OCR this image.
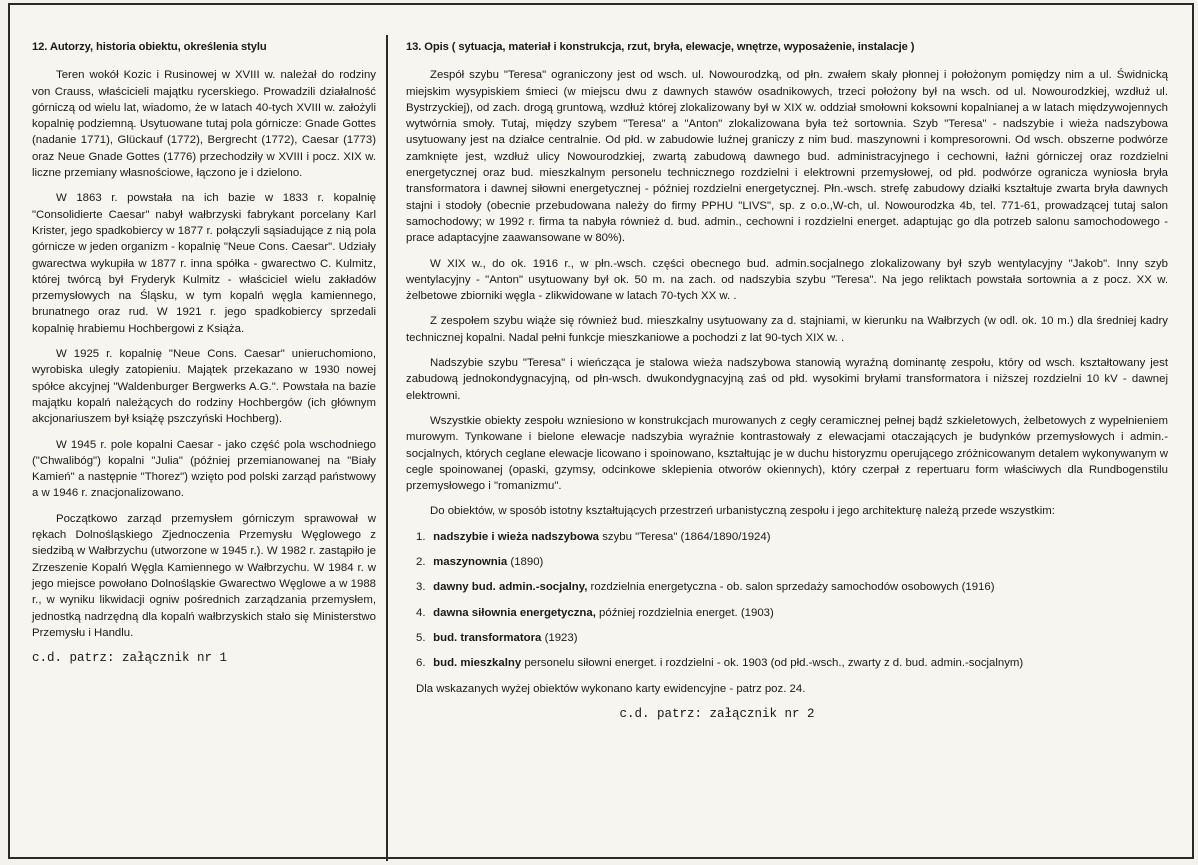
12. Autorzy, historia obiektu, określenia stylu

Teren wokół Kozic i Rusinowej w XVIII w. należał do rodziny von Crauss, właścicieli majątku rycerskiego. Prowadzili działalność górniczą od wielu lat, wiadomo, że w latach 40-tych XVIII w. założyli kopalnię podziemną. Usytuowane tutaj pola górnicze: Gnade Gottes (nadanie 1771), Glückauf (1772), Bergrecht (1772), Caesar (1773) oraz Neue Gnade Gottes (1776) przechodziły w XVIII i pocz. XIX w. liczne przemiany własnościowe, łączono je i dzielono.

W 1863 r. powstała na ich bazie w 1833 r. kopalnię "Consolidierte Caesar" nabył wałbrzyski fabrykant porcelany Karl Krister, jego spadkobiercy w 1877 r. połączyli sąsiadujące z nią pola górnicze w jeden organizm - kopalnię "Neue Cons. Caesar". Udziały gwarectwa wykupiła w 1877 r. inna spółka - gwarectwo C. Kulmitz, której twórcą był Fryderyk Kulmitz - właściciel wielu zakładów przemysłowych na Śląsku, w tym kopalń węgla kamiennego, brunatnego oraz rud. W 1921 r. jego spadkobiercy sprzedali kopalnię hrabiemu Hochbergowi z Książa.

W 1925 r. kopalnię "Neue Cons. Caesar" unieruchomiono, wyrobiska uległy zatopieniu. Majątek przekazano w 1930 nowej spółce akcyjnej "Waldenburger Bergwerks A.G.". Powstała na bazie majątku kopalń należących do rodziny Hochbergów (ich głównym akcjonariuszem był książę pszczyński Hochberg).

W 1945 r. pole kopalni Caesar - jako część pola wschodniego ("Chwalibóg") kopalni "Julia" (później przemianowanej na "Biały Kamień" a następnie "Thorez") wzięto pod polski zarząd państwowy a w 1946 r. znacjonalizowano.

Początkowo zarząd przemysłem górniczym sprawował w rękach Dolnośląskiego Zjednoczenia Przemysłu Węglowego z siedzibą w Wałbrzychu (utworzone w 1945 r.). W 1982 r. zastąpiło je Zrzeszenie Kopalń Węgla Kamiennego w Wałbrzychu. W 1984 r. w jego miejsce powołano Dolnośląskie Gwarectwo Węglowe a w 1988 r., w wyniku likwidacji ogniw pośrednich zarządzania przemysłem, jednostką nadrzędną dla kopalń wałbrzyskich stało się Ministerstwo Przemysłu i Handlu.

c.d. patrz: załącznik nr 1
13. Opis ( sytuacja, materiał i konstrukcja, rzut, bryła, elewacje, wnętrze, wyposażenie, instalacje )

Zespół szybu "Teresa" ograniczony jest od wsch. ul. Nowourodzką, od płn. zwałem skały płonnej i położonym pomiędzy nim a ul. Świdnicką miejskim wysypiskiem śmieci (w miejscu dwu z dawnych stawów osadnikowych, trzeci położony był na wsch. od ul. Nowourodzkiej, wzdłuż ul. Bystrzyckiej), od zach. drogą gruntową, wzdłuż której zlokalizowany był w XIX w. oddział smołowni koksowni kopalnianej a w latach międzywojennych wytwórnia smoły. Tutaj, między szybem "Teresa" a "Anton" zlokalizowana była też sortownia. Szyb "Teresa" - nadszybie i wieża nadszybowa usytuowany jest na działce centralnie. Od płd. w zabudowie luźnej graniczy z nim bud. maszynowni i kompresorowni. Od wsch. obszerne podwórze zamknięte jest, wzdłuż ulicy Nowourodzkiej, zwartą zabudową dawnego bud. administracyjnego i cechowni, łaźni górniczej oraz rozdzielni energetycznej oraz bud. mieszkalnym personelu technicznego rozdzielni i elektrowni przemysłowej, od płd. podwórze ogranicza wyniosła bryła transformatora i dawnej siłowni energetycznej - później rozdzielni energetycznej. Płn.-wsch. strefę zabudowy działki kształtuje zwarta bryła dawnych stajni i stodoły (obecnie przebudowana należy do firmy PPHU "LIVS", sp. z o.o.,W-ch, ul. Nowourodzka 4b, tel. 771-61, prowadzącej tutaj salon samochodowy; w 1992 r. firma ta nabyła również d. bud. admin., cechowni i rozdzielni energet. adaptując go dla potrzeb salonu samochodowego - prace adaptacyjne zaawansowane w 80%).

W XIX w., do ok. 1916 r., w płn.-wsch. części obecnego bud. admin.socjalnego zlokalizowany był szyb wentylacyjny "Jakob". Inny szyb wentylacyjny - "Anton" usytuowany był ok. 50 m. na zach. od nadszybia szybu "Teresa". Na jego reliktach powstała sortownia a z pocz. XX w. żelbetowe zbiorniki węgla - zlikwidowane w latach 70-tych XX w. .

Z zespołem szybu wiąże się również bud. mieszkalny usytuowany za d. stajniami, w kierunku na Wałbrzych (w odl. ok. 10 m.) dla średniej kadry technicznej kopalni. Nadal pełni funkcje mieszkaniowe a pochodzi z lat 90-tych XIX w. .

Nadszybie szybu "Teresa" i wieńcząca je stalowa wieża nadszybowa stanowią wyraźną dominantę zespołu, który od wsch. kształtowany jest zabudową jednokondygnacyjną, od płn-wsch. dwukondygnacyjną zaś od płd. wysokimi bryłami transformatora i niższej rozdzielni 10 kV - dawnej elektrowni.

Wszystkie obiekty zespołu wzniesiono w konstrukcjach murowanych z cegły ceramicznej pełnej bądź szkieletowych, żelbetowych z wypełnieniem murowym. Tynkowane i bielone elewacje nadszybia wyraźnie kontrastowały z elewacjami otaczających je budynków przemysłowych i admin.-socjalnych, których ceglane elewacje licowano i spoinowano, kształtując je w duchu historyzmu operującego zróżnicowanym detalem wykonywanym w cegle spoinowanej (opaski, gzymsy, odcinkowe sklepienia otworów okiennych), który czerpał z repertuaru form właściwych dla Rundbogenstilu przemysłowego i "romanizmu".

Do obiektów, w sposób istotny kształtujących przestrzeń urbanistyczną zespołu i jego architekturę należą przede wszystkim:

1. nadszybie i wieża nadszybowa szybu "Teresa" (1864/1890/1924)
2. maszynownia (1890)
3. dawny bud. admin.-socjalny, rozdzielnia energetyczna - ob. salon sprzedaży samochodów osobowych (1916)
4. dawna siłownia energetyczna, później rozdzielnia energet. (1903)
5. bud. transformatora (1923)
6. bud. mieszkalny personelu siłowni energet. i rozdzielni - ok. 1903 (od płd.-wsch., zwarty z d. bud. admin.-socjalnym)

Dla wskazanych wyżej obiektów wykonano karty ewidencyjne - patrz poz. 24.

c.d. patrz: załącznik nr 2
